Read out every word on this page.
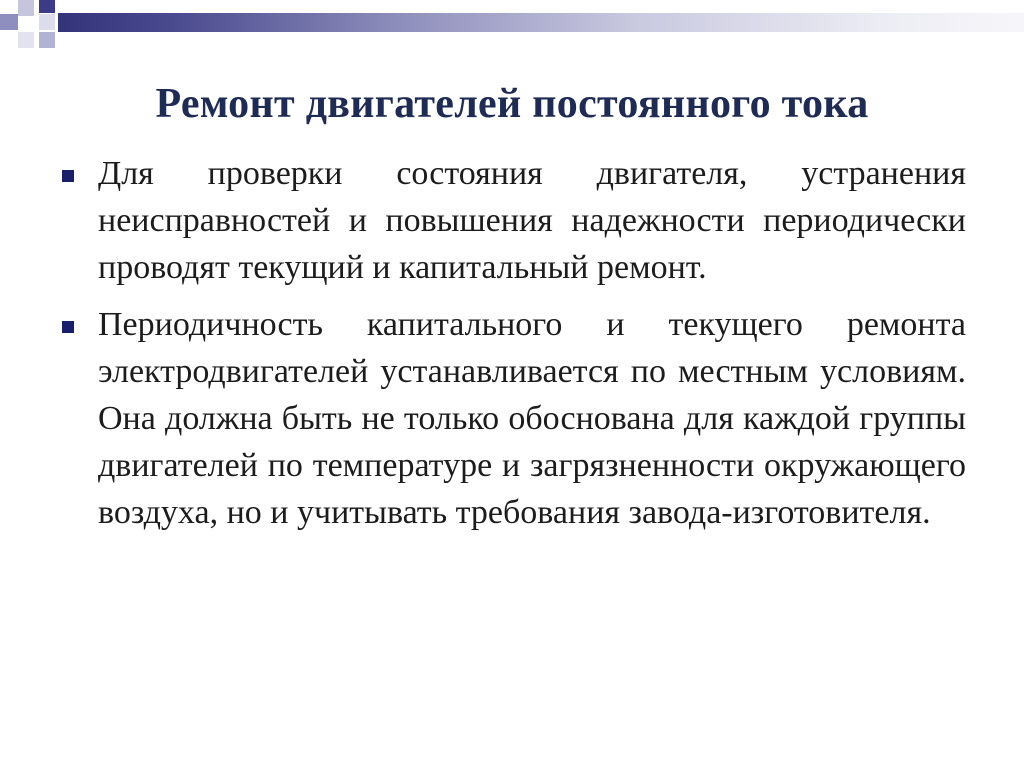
Ремонт двигателей постоянного тока
Для проверки состояния двигателя, устранения неисправностей и повышения надежности периодически проводят текущий и капитальный ремонт.
Периодичность капитального и текущего ремонта электродвигателей устанавливается по местным условиям. Она должна быть не только обоснована для каждой группы двигателей по температуре и загрязненности окружающего воздуха, но и учитывать требования завода-изготовителя.
